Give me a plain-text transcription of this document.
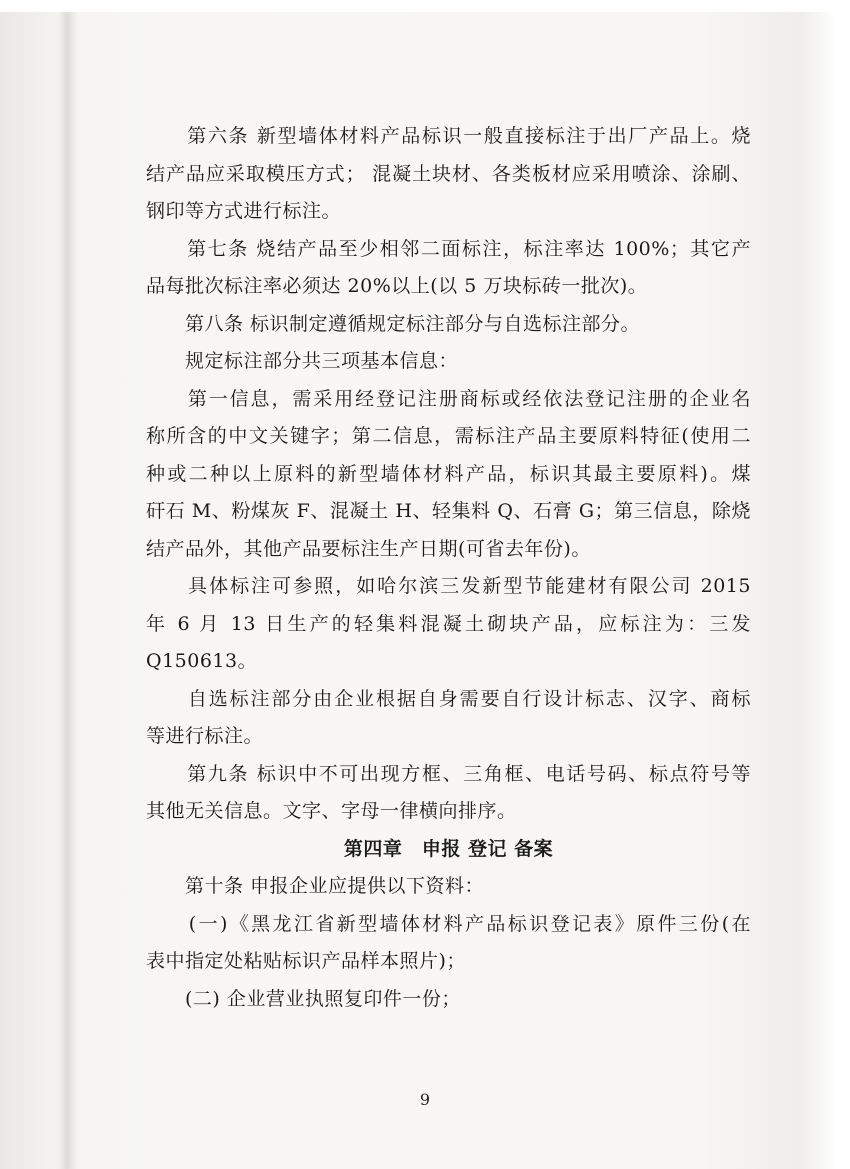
　　第六条 新型墙体材料产品标识一般直接标注于出厂产品上。烧
结产品应采取模压方式； 混凝土块材、各类板材应采用喷涂、涂刷、
钢印等方式进行标注。
　　第七条 烧结产品至少相邻二面标注，标注率达 100%；其它产
品每批次标注率必须达 20%以上(以 5 万块标砖一批次)。
　　第八条 标识制定遵循规定标注部分与自选标注部分。
　　规定标注部分共三项基本信息：
　　第一信息，需采用经登记注册商标或经依法登记注册的企业名
称所含的中文关键字；第二信息，需标注产品主要原料特征(使用二
种或二种以上原料的新型墙体材料产品，标识其最主要原料)。煤
矸石 M、粉煤灰 F、混凝土 H、轻集料 Q、石膏 G；第三信息，除烧
结产品外，其他产品要标注生产日期(可省去年份)。
　　具体标注可参照，如哈尔滨三发新型节能建材有限公司 2015
年 6 月 13 日生产的轻集料混凝土砌块产品，应标注为：三发
Q150613。
　　自选标注部分由企业根据自身需要自行设计标志、汉字、商标
等进行标注。
　　第九条 标识中不可出现方框、三角框、电话号码、标点符号等
其他无关信息。文字、字母一律横向排序。
第四章　申报 登记 备案
　　第十条 申报企业应提供以下资料：
　　(一)《黑龙江省新型墙体材料产品标识登记表》原件三份(在
表中指定处粘贴标识产品样本照片)；
　　(二) 企业营业执照复印件一份；
9
